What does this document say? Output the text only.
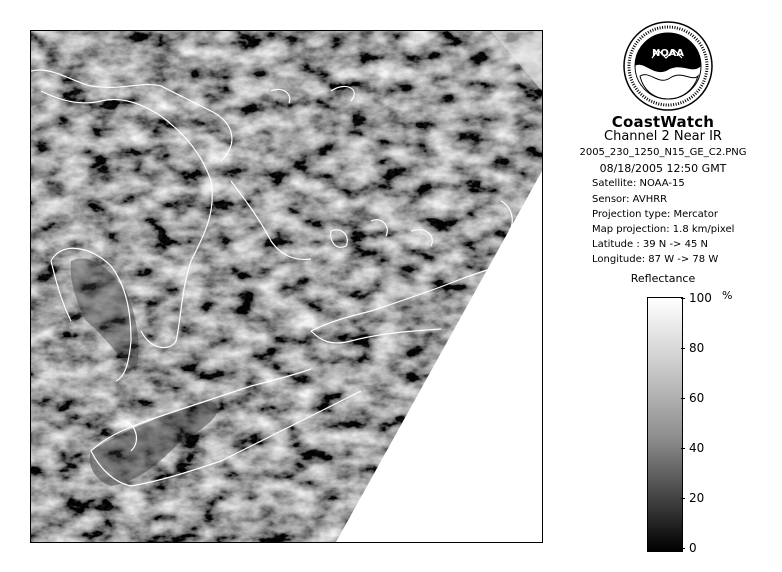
NOAA
CoastWatch
Channel 2 Near IR
2005_230_1250_N15_GE_C2.PNG
08/18/2005 12:50 GMT
Satellite: NOAA-15
Sensor: AVHRR
Projection type: Mercator
Map projection: 1.8 km/pixel
Latitude : 39 N -> 45 N
Longitude: 87 W -> 78 W
Reflectance
%
100
80
60
40
20
0
